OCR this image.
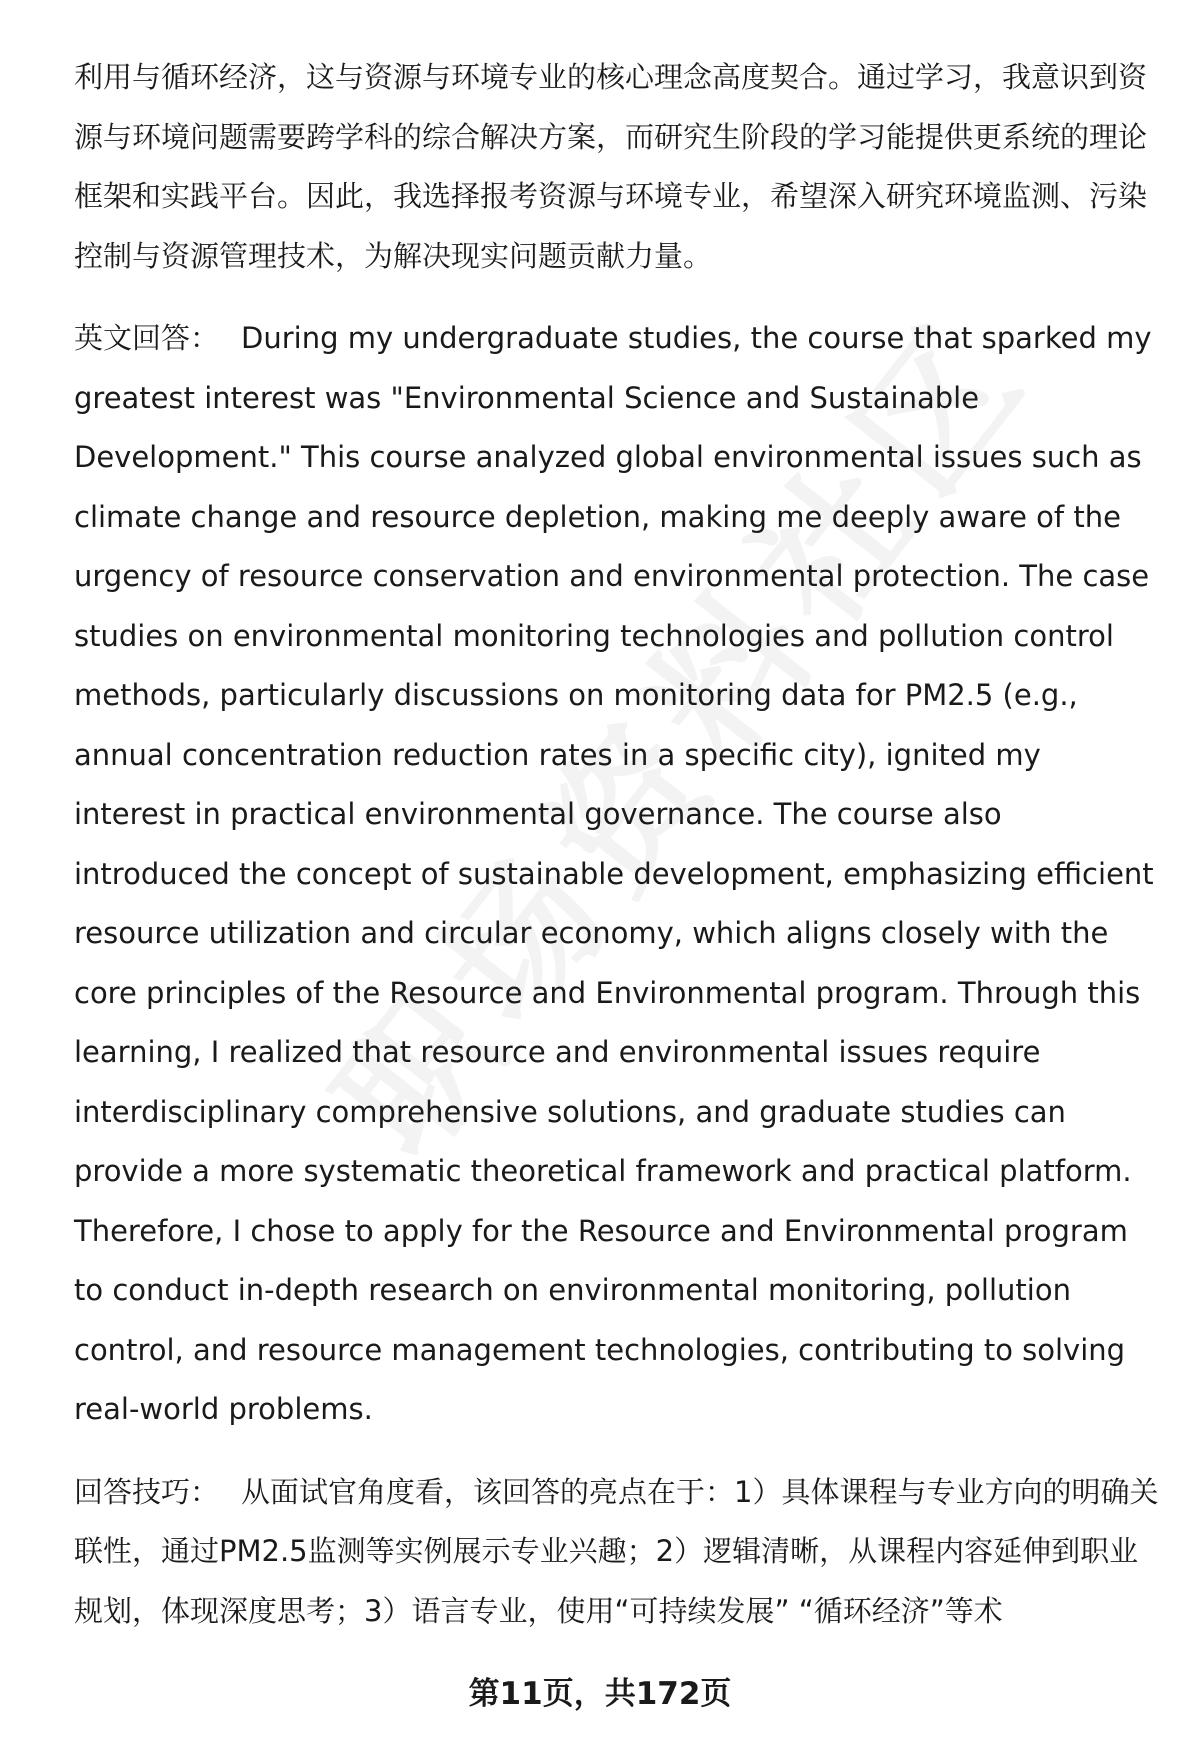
利用与循环经济，这与资源与环境专业的核心理念高度契合。通过学习，我意识到资源与环境问题需要跨学科的综合解决方案，而研究生阶段的学习能提供更系统的理论框架和实践平台。因此，我选择报考资源与环境专业，希望深入研究环境监测、污染控制与资源管理技术，为解决现实问题贡献力量。

英文回答： During my undergraduate studies, the course that sparked my greatest interest was "Environmental Science and Sustainable Development." This course analyzed global environmental issues such as climate change and resource depletion, making me deeply aware of the urgency of resource conservation and environmental protection. The case studies on environmental monitoring technologies and pollution control methods, particularly discussions on monitoring data for PM2.5 (e.g., annual concentration reduction rates in a specific city), ignited my interest in practical environmental governance. The course also introduced the concept of sustainable development, emphasizing efficient resource utilization and circular economy, which aligns closely with the core principles of the Resource and Environmental program. Through this learning, I realized that resource and environmental issues require interdisciplinary comprehensive solutions, and graduate studies can provide a more systematic theoretical framework and practical platform. Therefore, I chose to apply for the Resource and Environmental program to conduct in-depth research on environmental monitoring, pollution control, and resource management technologies, contributing to solving real-world problems.

回答技巧： 从面试官角度看，该回答的亮点在于：1）具体课程与专业方向的明确关联性，通过PM2.5监测等实例展示专业兴趣；2）逻辑清晰，从课程内容延伸到职业规划，体现深度思考；3）语言专业，使用“可持续发展” “循环经济”等术

第11页，共172页
